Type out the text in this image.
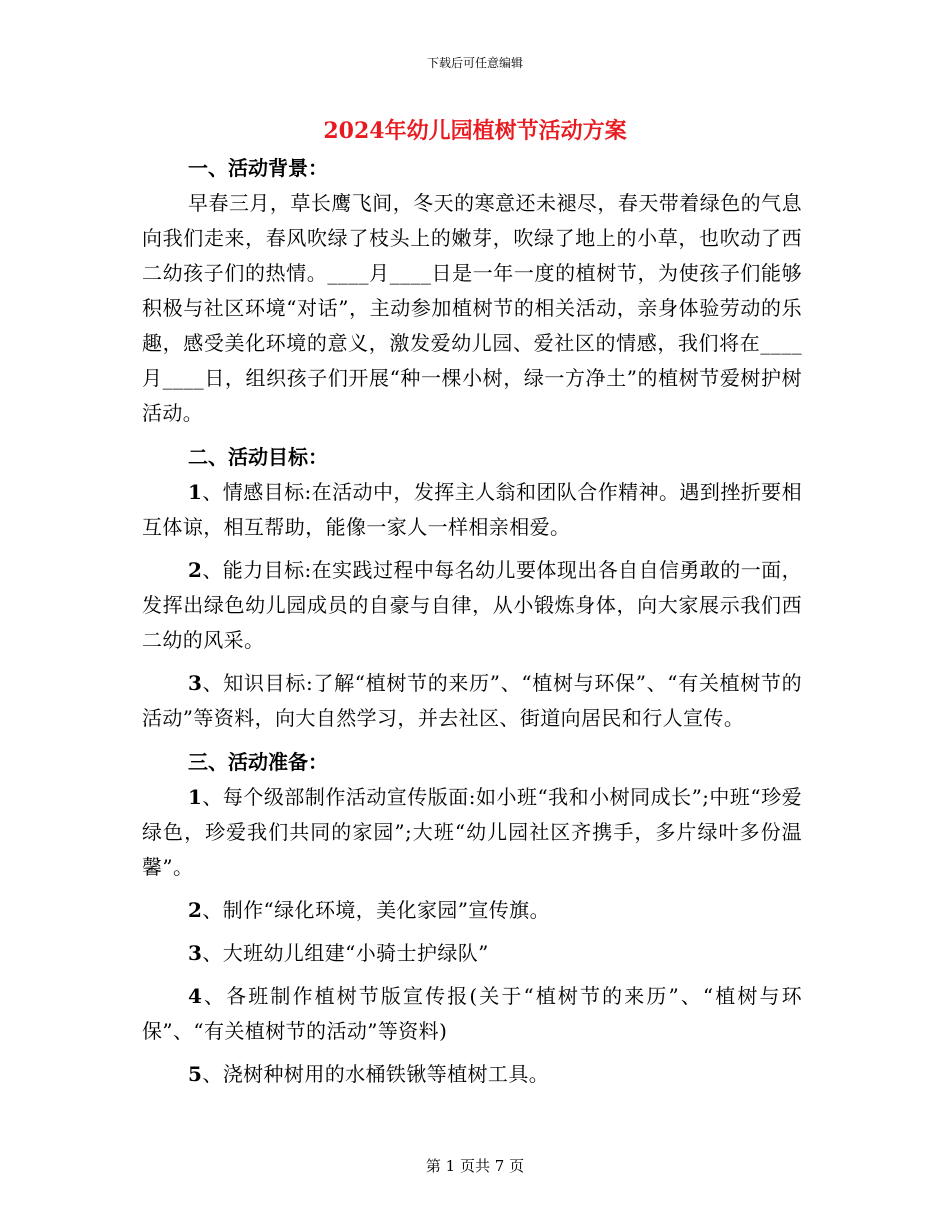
下载后可任意编辑
2024年幼儿园植树节活动方案
一、活动背景：

早春三月，草长鹰飞间，冬天的寒意还未褪尽，春天带着绿色的气息向我们走来，春风吹绿了枝头上的嫩芽，吹绿了地上的小草，也吹动了西二幼孩子们的热情。____月____日是一年一度的植树节，为使孩子们能够积极与社区环境“对话”，主动参加植树节的相关活动，亲身体验劳动的乐趣，感受美化环境的意义，激发爱幼儿园、爱社区的情感，我们将在____月____日，组织孩子们开展“种一棵小树，绿一方净土”的植树节爱树护树活动。

二、活动目标：

1、情感目标:在活动中，发挥主人翁和团队合作精神。遇到挫折要相互体谅，相互帮助，能像一家人一样相亲相爱。

2、能力目标:在实践过程中每名幼儿要体现出各自自信勇敢的一面，发挥出绿色幼儿园成员的自豪与自律，从小锻炼身体，向大家展示我们西二幼的风采。

3、知识目标:了解“植树节的来历”、“植树与环保”、“有关植树节的活动”等资料，向大自然学习，并去社区、街道向居民和行人宣传。

三、活动准备：

1、每个级部制作活动宣传版面:如小班“我和小树同成长”;中班“珍爱绿色，珍爱我们共同的家园”;大班“幼儿园社区齐携手，多片绿叶多份温馨”。

2、制作“绿化环境，美化家园”宣传旗。

3、大班幼儿组建“小骑士护绿队”

4、各班制作植树节版宣传报(关于“植树节的来历”、“植树与环保”、“有关植树节的活动”等资料)

5、浇树种树用的水桶铁锹等植树工具。

第 1 页共 7 页
